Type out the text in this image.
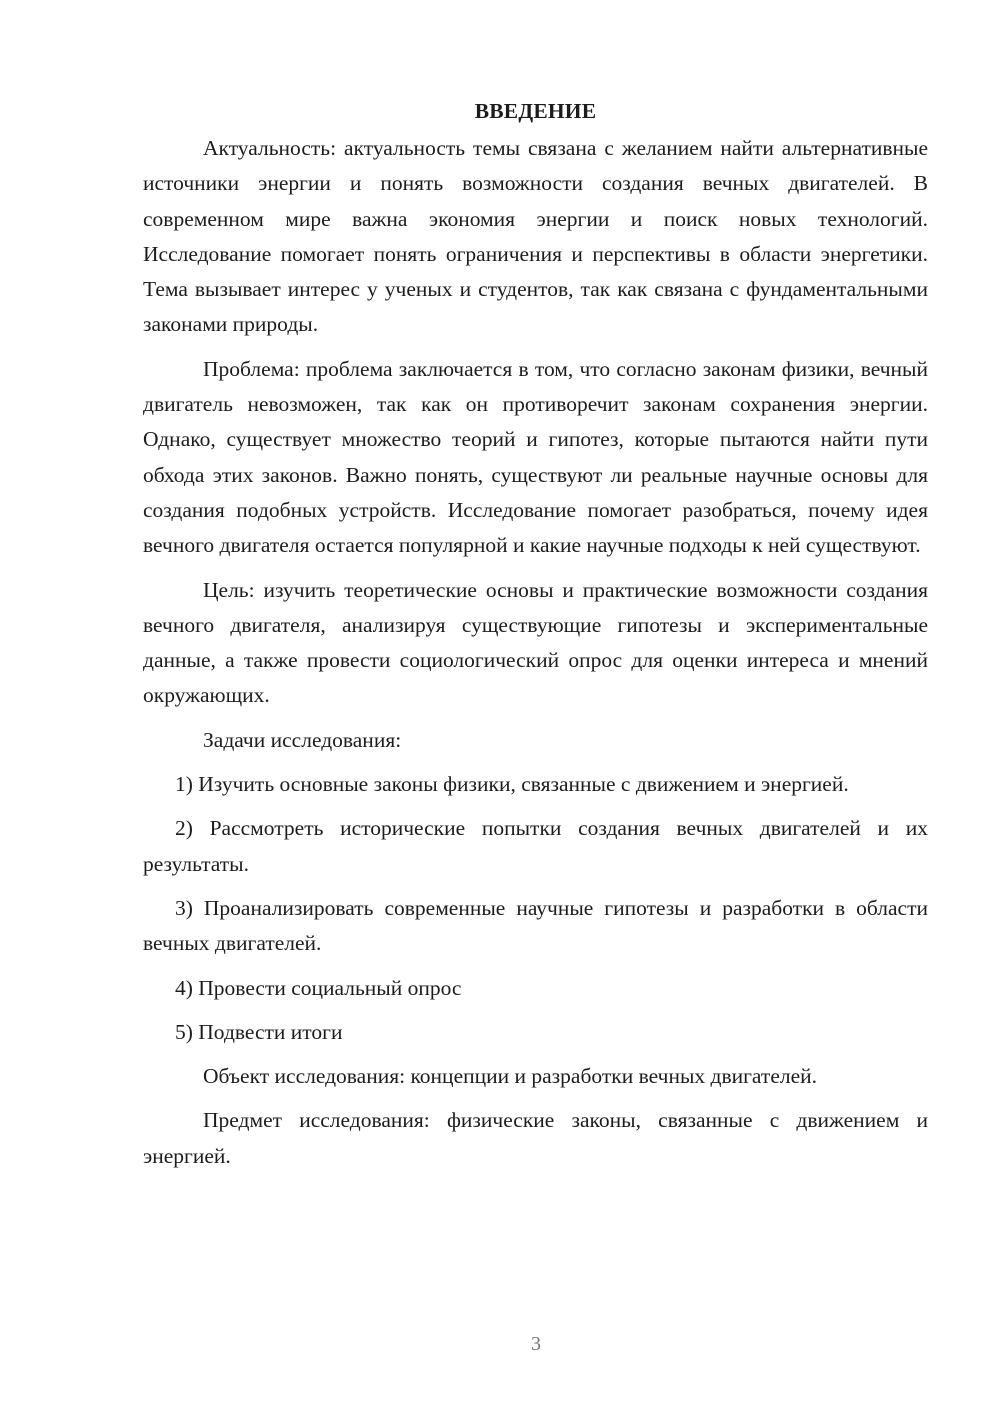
ВВЕДЕНИЕ

Актуальность: актуальность темы связана с желанием найти альтернативные источники энергии и понять возможности создания вечных двигателей. В современном мире важна экономия энергии и поиск новых технологий. Исследование помогает понять ограничения и перспективы в области энергетики. Тема вызывает интерес у ученых и студентов, так как связана с фундаментальными законами природы.

Проблема: проблема заключается в том, что согласно законам физики, вечный двигатель невозможен, так как он противоречит законам сохранения энергии. Однако, существует множество теорий и гипотез, которые пытаются найти пути обхода этих законов. Важно понять, существуют ли реальные научные основы для создания подобных устройств. Исследование помогает разобраться, почему идея вечного двигателя остается популярной и какие научные подходы к ней существуют.

Цель: изучить теоретические основы и практические возможности создания вечного двигателя, анализируя существующие гипотезы и экспериментальные данные, а также провести социологический опрос для оценки интереса и мнений окружающих.

Задачи исследования:

1) Изучить основные законы физики, связанные с движением и энергией.

2) Рассмотреть исторические попытки создания вечных двигателей и их результаты.

3) Проанализировать современные научные гипотезы и разработки в области вечных двигателей.

4) Провести социальный опрос

5) Подвести итоги

Объект исследования: концепции и разработки вечных двигателей.

Предмет исследования: физические законы, связанные с движением и энергией.

3
